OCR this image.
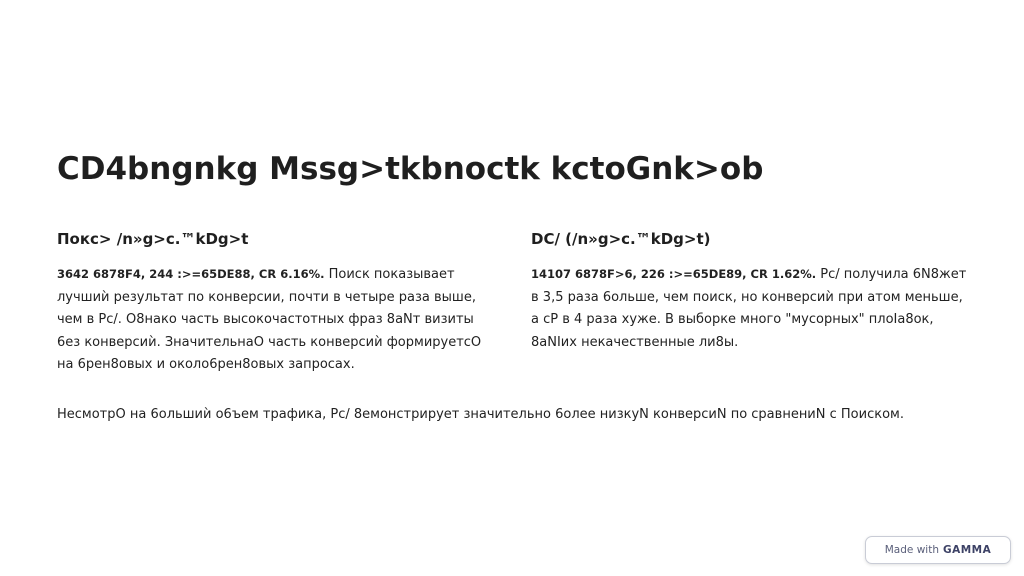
CD4bngnkg Mssg>tkbnoctk kctoGnk>ob
Покс> /n»g>c.™kDg>t

3642 6878F4, 244 :>=65DE88, CR 6.16%. Поиск показывает лучшиѝ результат по конверсии, почти в четыре раза выше, чем в Pc/. О8нако часть высокочастотных фраз 8aNт визиты 6ез конверсиѝ. ЗначительнаО часть конверсиѝ формируетсО на 6рен8овых и около6рен8овых запросах.

DC/ (/n»g>c.™kDg>t)

14107 6878F>6, 226 :>=65DE89, CR 1.62%. Pc/ получила 6N8жет в 3,5 раза 6ольше, чем поиск, но конверсиѝ при атом меньше, а cP в 4 раза хуже. В выборке много "мусорных" плоIa8ок, 8aNIих некачественные ли8ы.

НесмотрО на 6ольшиѝ о6ъем трафика, Pc/ 8емонстрирует значительно 6олее низкуN конверсиN по сравнениN с Поиском.

Made with GAMMA
